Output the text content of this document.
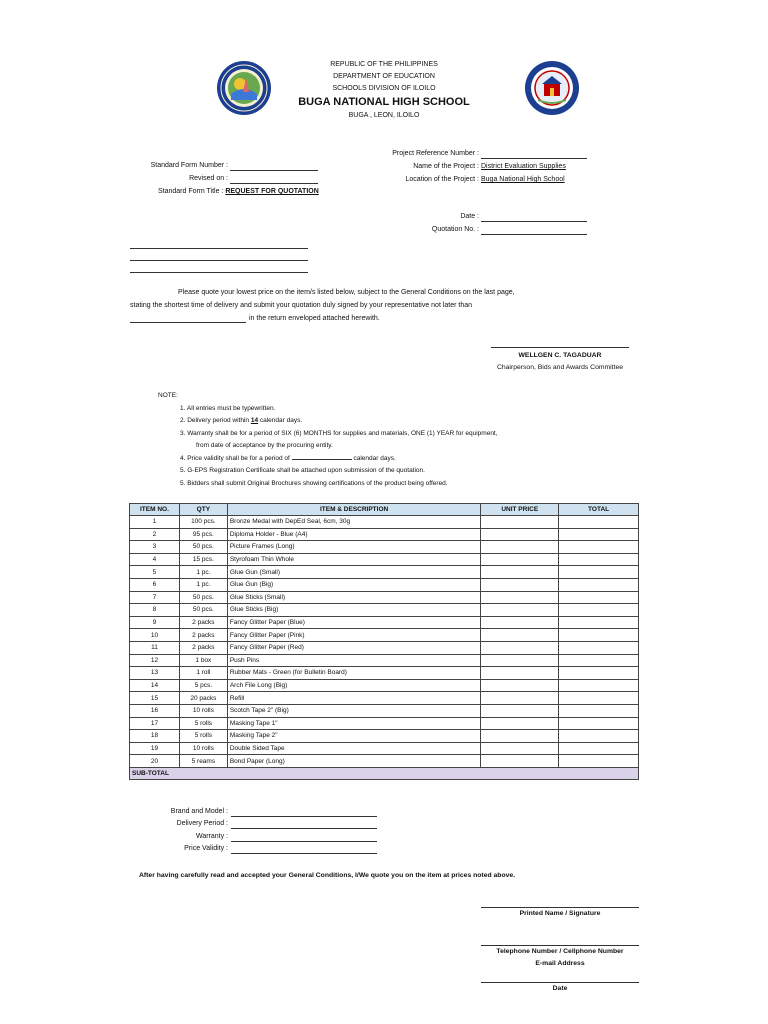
REPUBLIC OF THE PHILIPPINES
DEPARTMENT OF EDUCATION
SCHOOLS DIVISION OF ILOILO
BUGA NATIONAL HIGH SCHOOL
BUGA , LEON, ILOILO
Standard Form Number :
Revised on :
Standard Form Title : REQUEST FOR QUOTATION
Project Reference Number :
Name of the Project : District Evaluation Supplies
Location of the Project : Buga National High School
Date :
Quotation No. :
Please quote your lowest price on the item/s listed below, subject to the General Conditions on the last page,
stating the shortest time of delivery and submit your quotation duly signed by your representative not later than
in the return enveloped attached herewith.
WELLGEN C. TAGADUAR
Chairperson, Bids and Awards Committee
NOTE:
1. All entries must be typewritten.
2. Delivery period within 14 calendar days.
3. Warranty shall be for a period of SIX (6) MONTHS for supplies and materials, ONE (1) YEAR for equipment,
from date of acceptance by the procuring entity.
4. Price validity shall be for a period of	calendar days.
5. G-EPS Registration Certificate shall be attached upon submission of the quotation.
5. Bidders shall submit Original Brochures showing certifications of the product being offered.
ITEM NO.	QTY	ITEM & DESCRIPTION	UNIT PRICE	TOTAL
1	100 pcs.	Bronze Medal with DepEd Seal, 6cm, 30g		
2	95 pcs.	Diploma Holder - Blue (A4)		
3	50 pcs.	Picture Frames (Long)		
4	15 pcs.	Styrofoam Thin Whole		
5	1 pc.	Glue Gun (Small)		
6	1 pc.	Glue Gun (Big)		
7	50 pcs.	Glue Sticks (Small)		
8	50 pcs.	Glue Sticks (Big)		
9	2 packs	Fancy Glitter Paper (Blue)		
10	2 packs	Fancy Glitter Paper (Pink)		
11	2 packs	Fancy Glitter Paper (Red)		
12	1 box	Push Pins		
13	1 roll	Rubber Mats - Green (for Bulletin Board)		
14	5 pcs.	Arch File Long (Big)		
15	20 packs	Refill		
16	10 rolls	Scotch Tape 2" (Big)		
17	5 rolls	Masking Tape 1"		
18	5 rolls	Masking Tape 2"		
19	10 rolls	Double Sided Tape		
20	5 reams	Bond Paper (Long)		
SUB-TOTAL				
Brand and Model :
Delivery Period :
Warranty :
Price Validity :
After having carefully read and accepted your General Conditions, I/We quote you on the item at prices noted above.
Printed Name / Signature
Telephone Number / Cellphone Number
E-mail Address
Date
